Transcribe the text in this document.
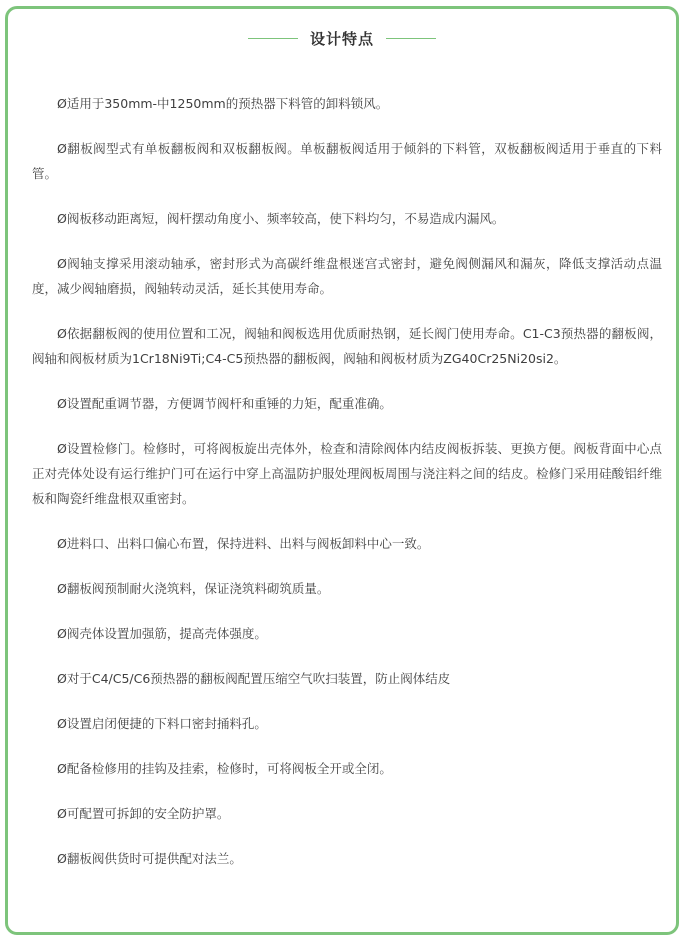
设计特点

Ø适用于350mm-中1250mm的预热器下料管的卸料锁风。

Ø翻板阀型式有单板翻板阀和双板翻板阀。单板翻板阀适用于倾斜的下料管，双板翻板阀适用于垂直的下料管。

Ø阀板移动距离短，阀杆摆动角度小、频率较高，使下料均匀，不易造成内漏风。

Ø阀轴支撑采用滚动轴承，密封形式为高碳纤维盘根迷宫式密封，避免阀侧漏风和漏灰，降低支撑活动点温度，减少阀轴磨损，阀轴转动灵活，延长其使用寿命。

Ø依据翻板阀的使用位置和工况，阀轴和阀板选用优质耐热钢，延长阀门使用寿命。C1-C3预热器的翻板阀，阀轴和阀板材质为1Cr18Ni9Ti;C4-C5预热器的翻板阀，阀轴和阀板材质为ZG40Cr25Ni20si2。

Ø设置配重调节器，方便调节阀杆和重锤的力矩，配重准确。

Ø设置检修门。检修时，可将阀板旋出壳体外，检查和清除阀体内结皮阀板拆装、更换方便。阀板背面中心点正对壳体处设有运行维护门可在运行中穿上高温防护服处理阀板周围与浇注料之间的结皮。检修门采用硅酸铝纤维板和陶瓷纤维盘根双重密封。

Ø进料口、出料口偏心布置，保持进料、出料与阀板卸料中心一致。

Ø翻板阀预制耐火浇筑料，保证浇筑料砌筑质量。

Ø阀壳体设置加强筋，提高壳体强度。

Ø对于C4/C5/C6预热器的翻板阀配置压缩空气吹扫装置，防止阀体结皮

Ø设置启闭便捷的下料口密封捅料孔。

Ø配备检修用的挂钩及挂索，检修时，可将阀板全开或全闭。

Ø可配置可拆卸的安全防护罩。

Ø翻板阀供货时可提供配对法兰。
